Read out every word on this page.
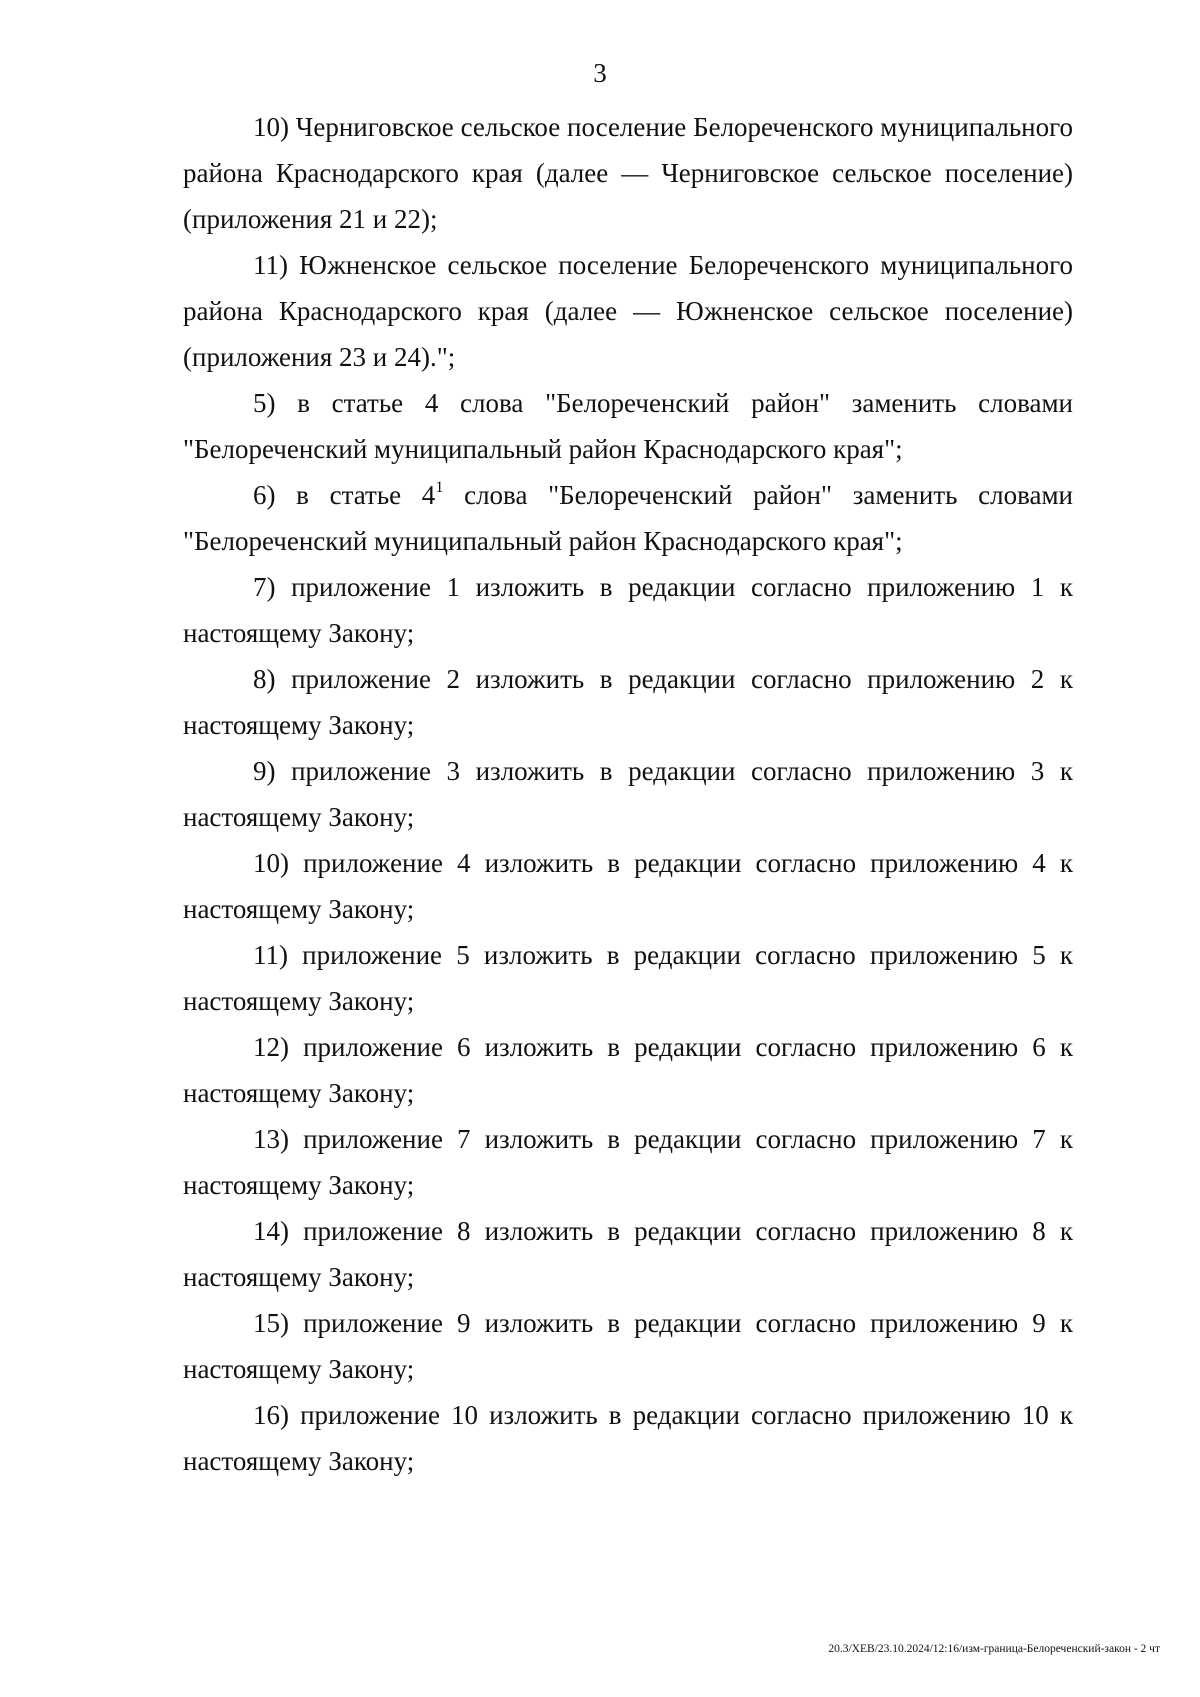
3

10) Черниговское сельское поселение Белореченского муниципального района Краснодарского края (далее — Черниговское сельское поселение) (приложения 21 и 22);

11) Южненское сельское поселение Белореченского муниципального района Краснодарского края (далее — Южненское сельское поселение) (приложения 23 и 24).";

5) в статье 4 слова "Белореченский район" заменить словами "Белореченский муниципальный район Краснодарского края";

6) в статье $4^1$ слова "Белореченский район" заменить словами "Белореченский муниципальный район Краснодарского края";

7) приложение 1 изложить в редакции согласно приложению 1 к настоящему Закону;

8) приложение 2 изложить в редакции согласно приложению 2 к настоящему Закону;

9) приложение 3 изложить в редакции согласно приложению 3 к настоящему Закону;

10) приложение 4 изложить в редакции согласно приложению 4 к настоящему Закону;

11) приложение 5 изложить в редакции согласно приложению 5 к настоящему Закону;

12) приложение 6 изложить в редакции согласно приложению 6 к настоящему Закону;

13) приложение 7 изложить в редакции согласно приложению 7 к настоящему Закону;

14) приложение 8 изложить в редакции согласно приложению 8 к настоящему Закону;

15) приложение 9 изложить в редакции согласно приложению 9 к настоящему Закону;

16) приложение 10 изложить в редакции согласно приложению 10 к настоящему Закону;

20.3/ХЕВ/23.10.2024/12:16/изм-граница-Белореченский-закон - 2 чт
